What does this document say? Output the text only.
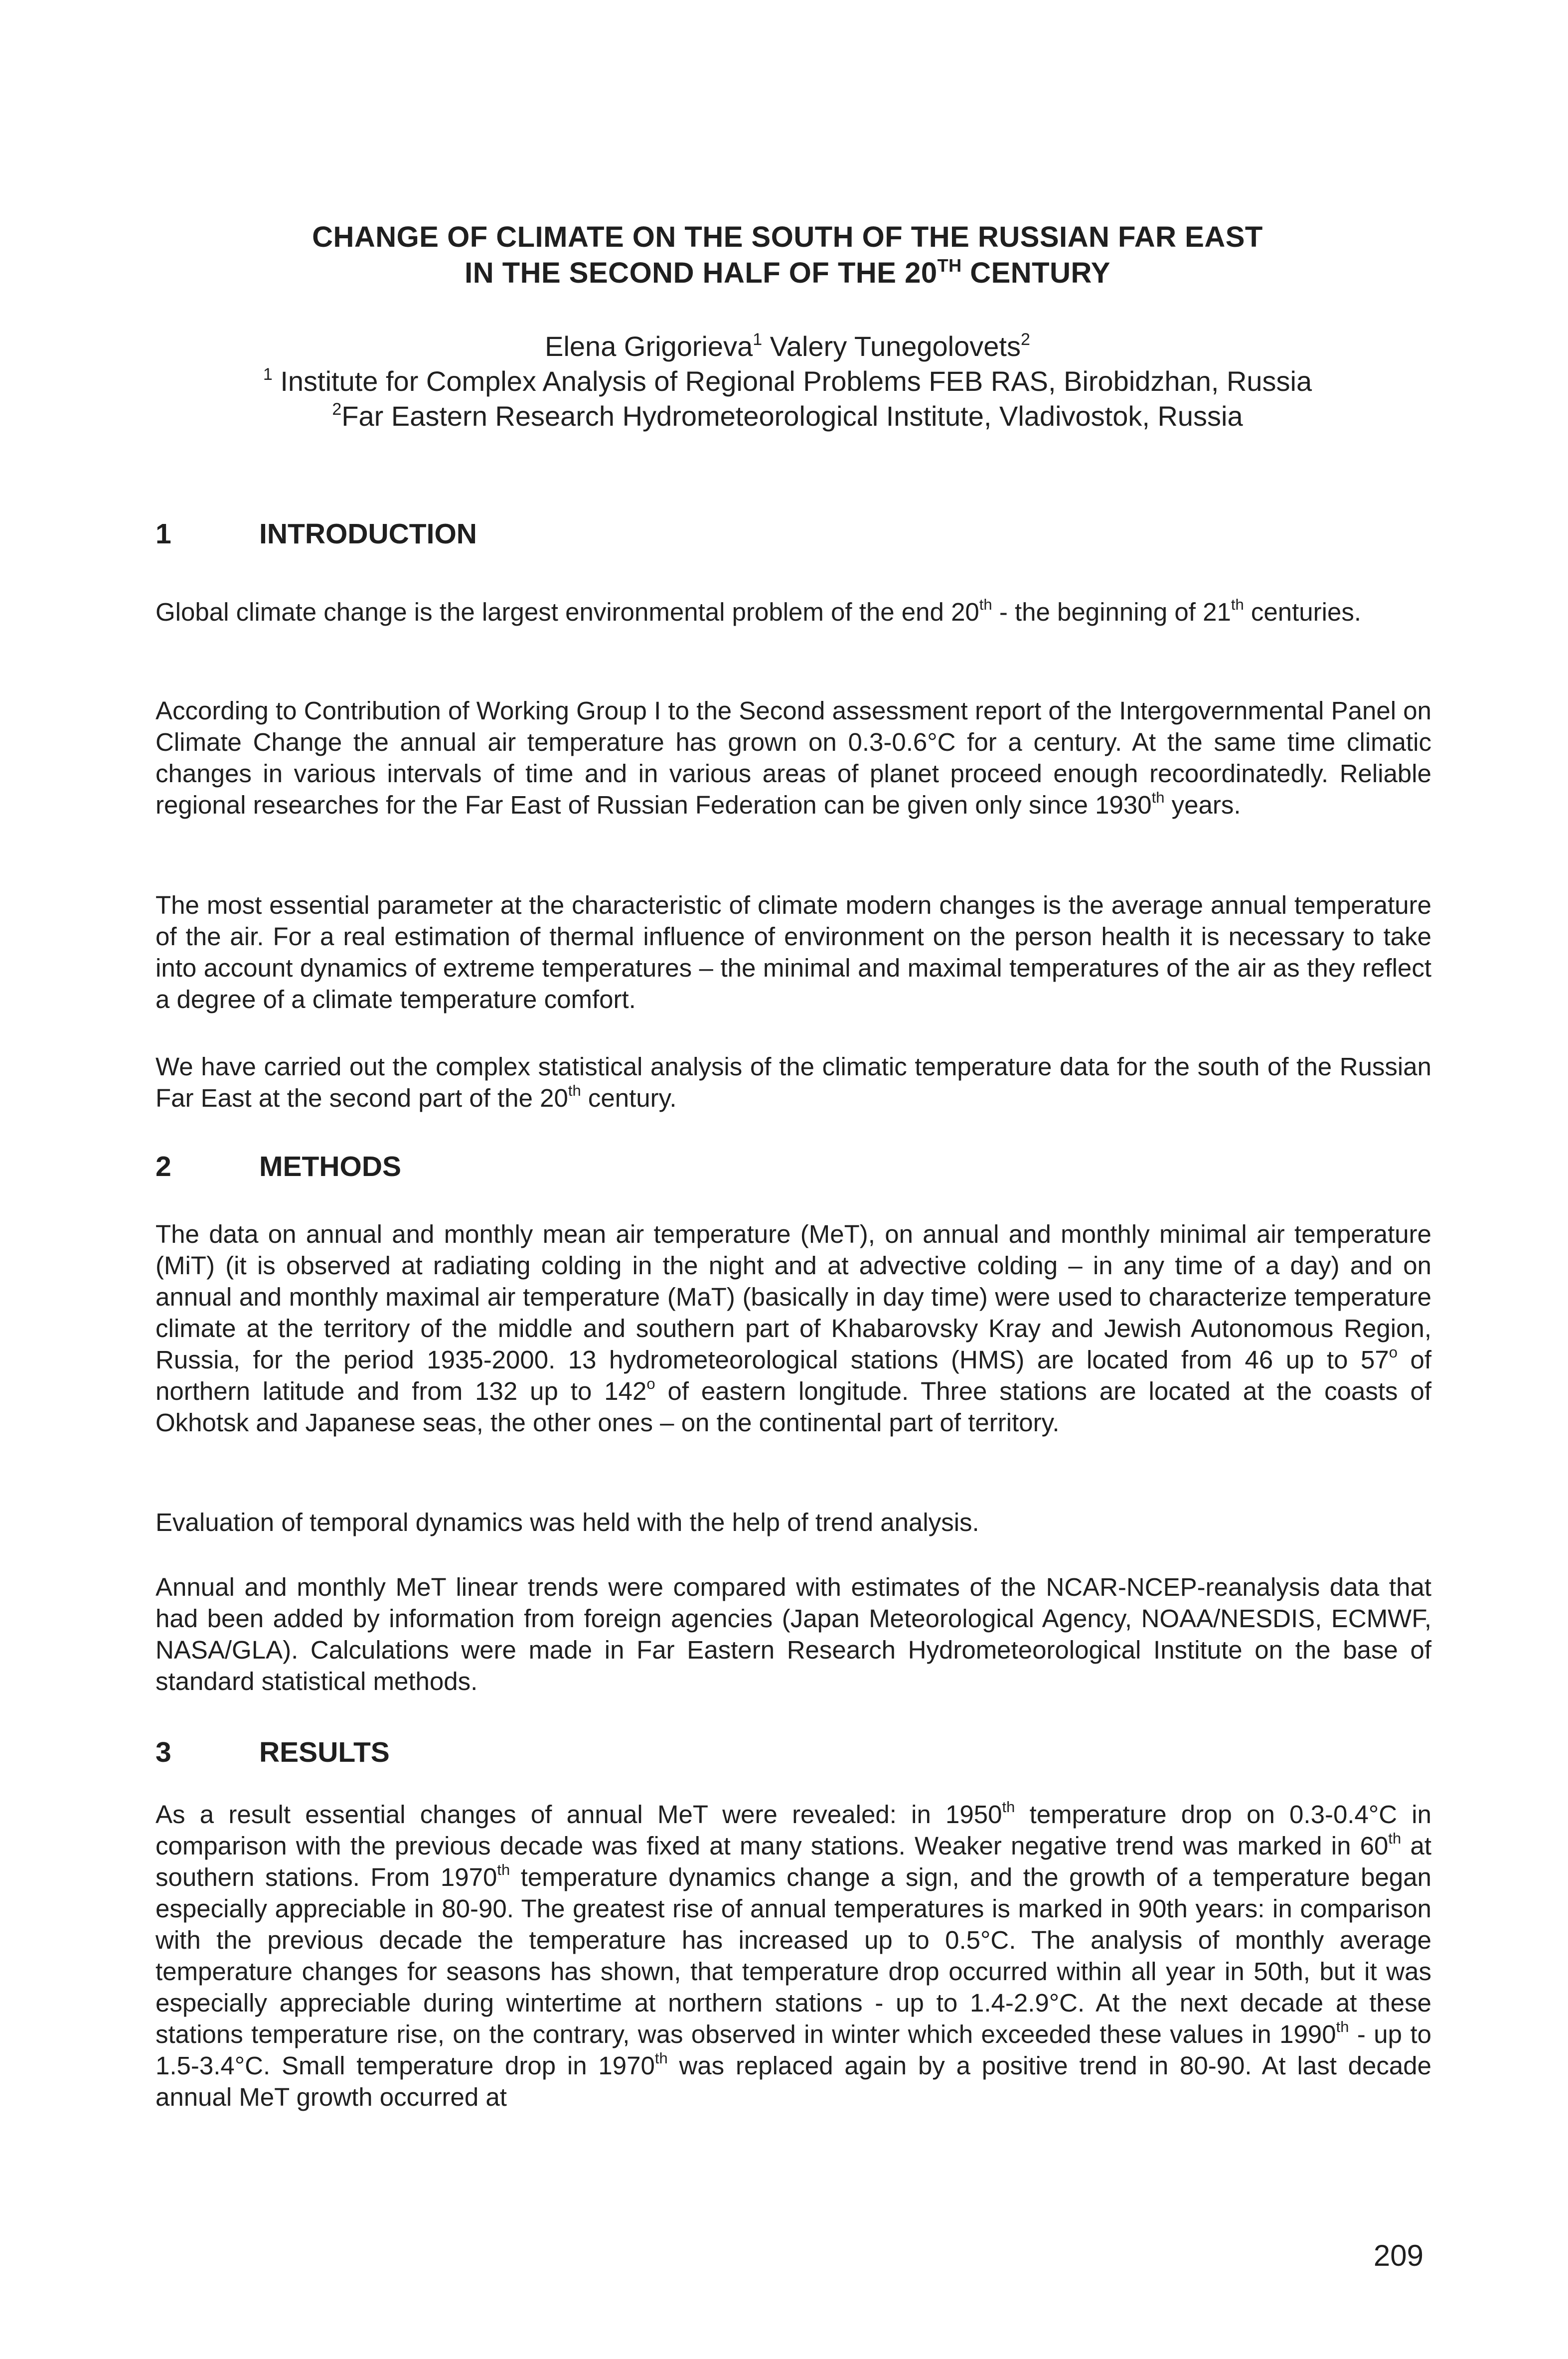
CHANGE OF CLIMATE ON THE SOUTH OF THE RUSSIAN FAR EAST
IN THE SECOND HALF OF THE 20TH CENTURY
Elena Grigorieva$^1$ Valery Tunegolovets$^2$
$^1$ Institute for Complex Analysis of Regional Problems FEB RAS, Birobidzhan, Russia
$^2$Far Eastern Research Hydrometeorological Institute, Vladivostok, Russia
1	INTRODUCTION

Global climate change is the largest environmental problem of the end 20th - the beginning of 21th centuries.

According to Contribution of Working Group I to the Second assessment report of the Intergovernmental Panel on Climate Change the annual air temperature has grown on 0.3-0.6°C for a century. At the same time climatic changes in various intervals of time and in various areas of planet proceed enough recoordinatedly. Reliable regional researches for the Far East of Russian Federation can be given only since 1930th years.

The most essential parameter at the characteristic of climate modern changes is the average annual temperature of the air. For a real estimation of thermal influence of environment on the person health it is necessary to take into account dynamics of extreme temperatures – the minimal and maximal temperatures of the air as they reflect a degree of a climate temperature comfort.

We have carried out the complex statistical analysis of the climatic temperature data for the south of the Russian Far East at the second part of the 20th century.

2	METHODS

The data on annual and monthly mean air temperature (MeT), on annual and monthly minimal air temperature (MiT) (it is observed at radiating colding in the night and at advective colding – in any time of a day) and on annual and monthly maximal air temperature (MaT) (basically in day time) were used to characterize temperature climate at the territory of the middle and southern part of Khabarovsky Kray and Jewish Autonomous Region, Russia, for the period 1935-2000. 13 hydrometeorological stations (HMS) are located from 46 up to 57$^o$ of northern latitude and from 132 up to 142$^o$ of eastern longitude. Three stations are located at the coasts of Okhotsk and Japanese seas, the other ones – on the continental part of territory.

Evaluation of temporal dynamics was held with the help of trend analysis.

Annual and monthly MeT linear trends were compared with estimates of the NCAR-NCEP-reanalysis data that had been added by information from foreign agencies (Japan Meteorological Agency, NOAA/NESDIS, ECMWF, NASA/GLA). Calculations were made in Far Eastern Research Hydrometeorological Institute on the base of standard statistical methods.

3	RESULTS

As a result essential changes of annual MeT were revealed: in 1950th temperature drop on 0.3-0.4°C in comparison with the previous decade was fixed at many stations. Weaker negative trend was marked in 60th at southern stations. From 1970th temperature dynamics change a sign, and the growth of a temperature began especially appreciable in 80-90. The greatest rise of annual temperatures is marked in 90th years: in comparison with the previous decade the temperature has increased up to 0.5°C. The analysis of monthly average temperature changes for seasons has shown, that temperature drop occurred within all year in 50th, but it was especially appreciable during wintertime at northern stations - up to 1.4-2.9°C. At the next decade at these stations temperature rise, on the contrary, was observed in winter which exceeded these values in 1990th - up to 1.5-3.4°C. Small temperature drop in 1970th was replaced again by a positive trend in 80-90. At last decade annual MeT growth occurred at

209
